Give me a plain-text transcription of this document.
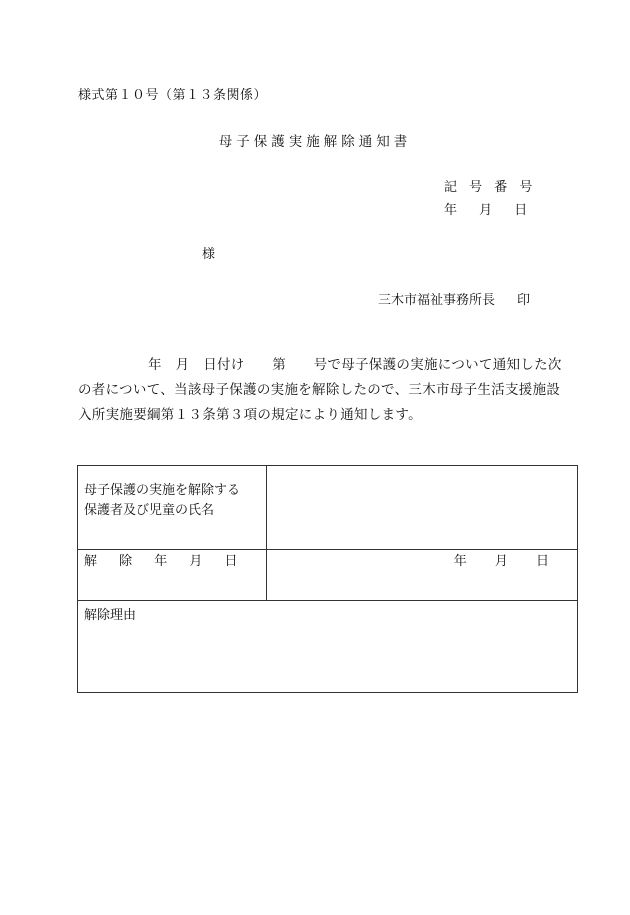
様式第１０号（第１３条関係）
母子保護実施解除通知書
記 号 番 号
年 月 日
様
三木市福祉事務所長 印
年　月　日付け　　第　　号で母子保護の実施について通知した次
の者について、当該母子保護の実施を解除したので、三木市母子生活支援施設
入所実施要綱第１３条第３項の規定により通知します。
母子保護の実施を解除する
保護者及び児童の氏名	

解 除 年 月 日	年 月 日
解除理由	
